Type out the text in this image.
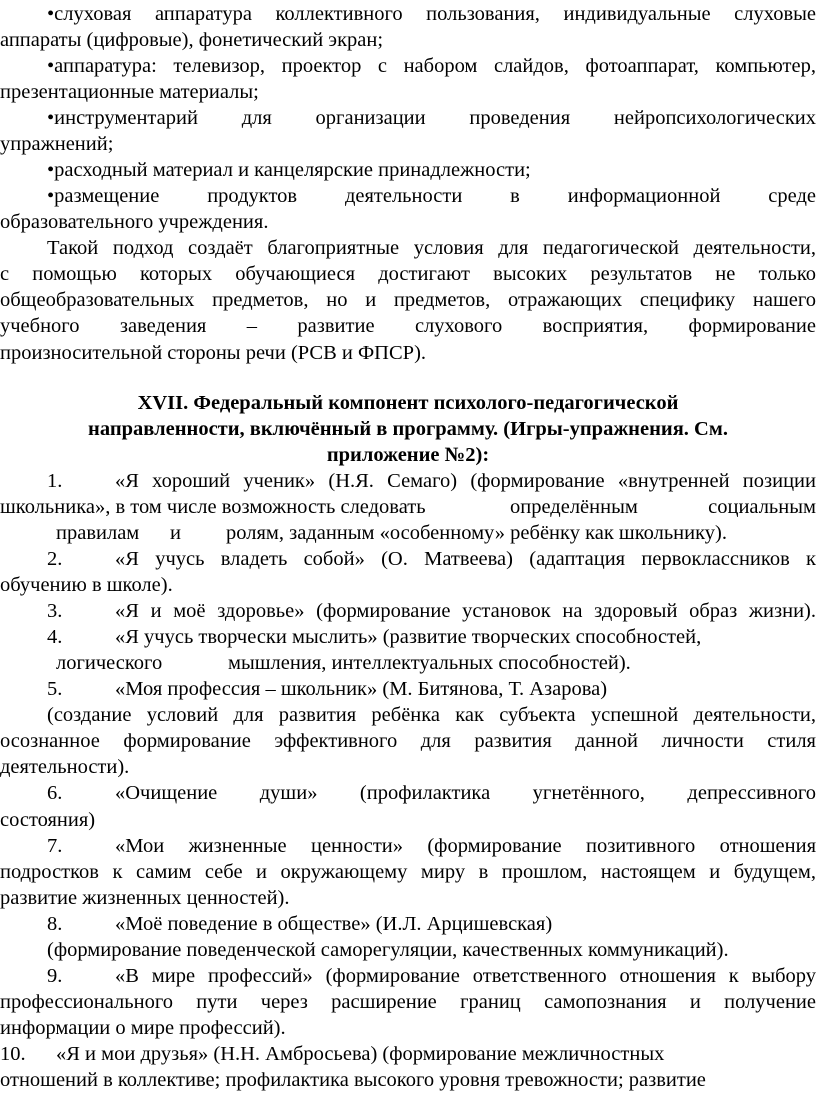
•слуховая аппаратура коллективного пользования, индивидуальные слуховые
аппараты (цифровые), фонетический экран;
•аппаратура: телевизор, проектор с набором слайдов, фотоаппарат, компьютер,
презентационные материалы;
•инструментарий для организации проведения нейропсихологических
упражнений;
•расходный материал и канцелярские принадлежности;
•размещение продуктов деятельности в информационной среде
образовательного учреждения.
Такой подход создаёт благоприятные условия для педагогической деятельности,
с помощью которых обучающиеся достигают высоких результатов не только
общеобразовательных предметов, но и предметов, отражающих специфику нашего
учебного заведения – развитие слухового восприятия, формирование
произносительной стороны речи (РСВ и ФПСР).
XVII. Федеральный компонент психолого-педагогической
направленности, включённый в программу. (Игры-упражнения. См.
приложение №2):
1.	«Я хороший ученик» (Н.Я. Семаго) (формирование «внутренней позиции
школьника», в том числе возможность следовать	определённым	социальным
правилам и ролям, заданным «особенному» ребёнку как школьнику).
2.	«Я учусь владеть собой» (О. Матвеева) (адаптация первоклассников к
обучению в школе).
3.	«Я и моё здоровье» (формирование установок на здоровый образ жизни).
4.	«Я учусь творчески мыслить» (развитие творческих способностей,
логического	мышления, интеллектуальных способностей).
5.	«Моя профессия – школьник» (М. Битянова, Т. Азарова)
(создание условий для развития ребёнка как субъекта успешной деятельности,
осознанное формирование эффективного для развития данной личности стиля
деятельности).
6.	«Очищение души» (профилактика угнетённого, депрессивного
состояния)
7.	«Мои жизненные ценности» (формирование позитивного отношения
подростков к самим себе и окружающему миру в прошлом, настоящем и будущем,
развитие жизненных ценностей).
8.	«Моё поведение в обществе» (И.Л. Арцишевская)
(формирование поведенческой саморегуляции, качественных коммуникаций).
9.	«В мире профессий» (формирование ответственного отношения к выбору
профессионального пути через расширение границ самопознания и получение
информации о мире профессий).
10. «Я и мои друзья» (Н.Н. Амбросьева) (формирование межличностных
отношений в коллективе; профилактика высокого уровня тревожности; развитие
